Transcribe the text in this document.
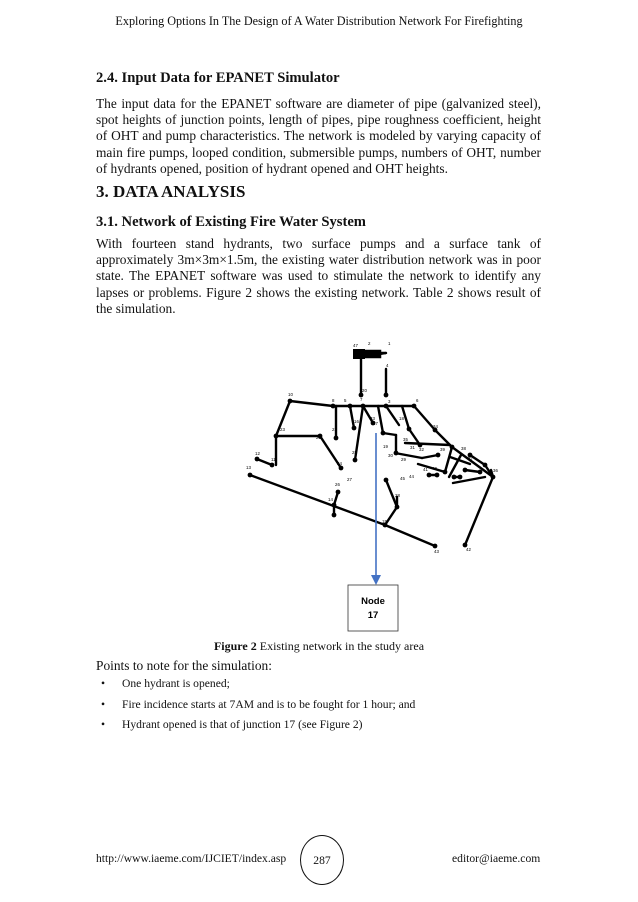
Exploring Options In The Design of A Water Distribution Network For Firefighting
2.4. Input Data for EPANET Simulator

The input data for the EPANET software are diameter of pipe (galvanized steel), spot heights of junction points, length of pipes, pipe roughness coefficient, height of OHT and pump characteristics. The network is modeled by varying capacity of main fire pumps, looped condition, submersible pumps, numbers of OHT, number of hydrants opened, position of hydrant opened and OHT heights.

3. DATA ANALYSIS
3.1. Network of Existing Fire Water System

With fourteen stand hydrants, two surface pumps and a surface tank of approximately 3m×3m×1.5m, the existing water distribution network was in poor state. The EPANET software was used to stimulate the network to identify any lapses or problems. Figure 2 shows the existing network. Table 2 shows result of the simulation.

47 2	1
4
10
8 5	7	6
3
18
21
16
33
17
35
34
23
22
19	31 32
12
11
25
24
30
38
39
41
37
29
40
45 44
28
27
14
26
13
15
43	42
36
20
Node
17
Figure 2 Existing network in the study area
Points to note for the simulation:
• One hydrant is opened;
• Fire incidence starts at 7AM and is to be fought for 1 hour; and
• Hydrant opened is that of junction 17 (see Figure 2)
http://www.iaeme.com/IJCIET/index.asp	287	editor@iaeme.com
